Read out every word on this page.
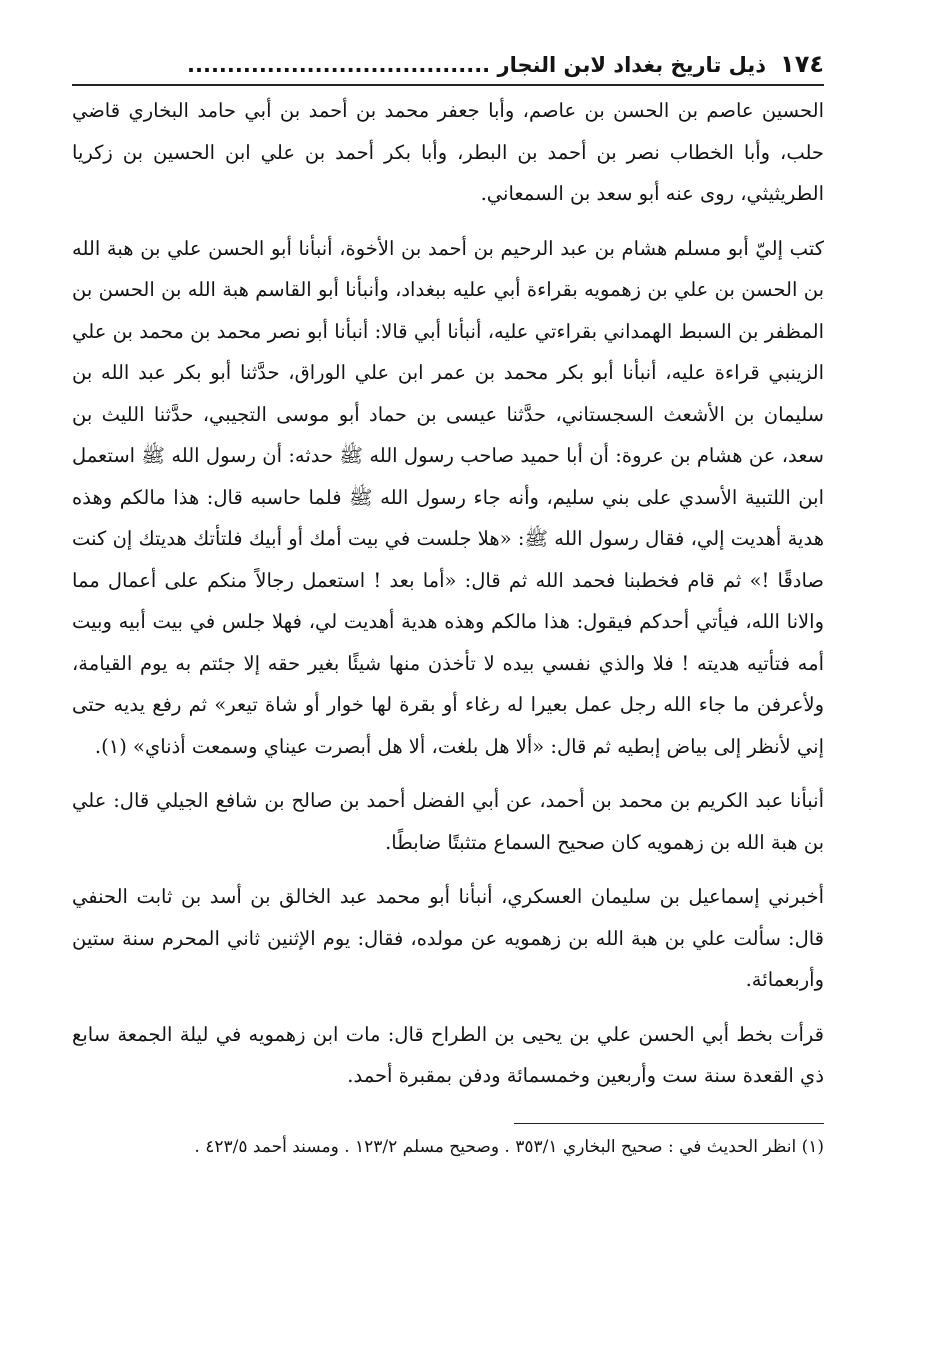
١٧٤
ذيل تاريخ بغداد لابن النجار ......................................

الحسين عاصم بن الحسن بن عاصم، وأبا جعفر محمد بن أحمد بن أبي حامد البخاري قاضي حلب، وأبا الخطاب نصر بن أحمد بن البطر، وأبا بكر أحمد بن علي ابن الحسين بن زكريا الطريثيثي، روى عنه أبو سعد بن السمعاني.

كتب إليّ أبو مسلم هشام بن عبد الرحيم بن أحمد بن الأخوة، أنبأنا أبو الحسن علي بن هبة الله بن الحسن بن علي بن زهمويه بقراءة أبي عليه ببغداد، وأنبأنا أبو القاسم هبة الله بن الحسن بن المظفر بن السبط الهمداني بقراءتي عليه، أنبأنا أبي قالا: أنبأنا أبو نصر محمد بن محمد بن علي الزينبي قراءة عليه، أنبأنا أبو بكر محمد بن عمر ابن علي الوراق، حدَّثنا أبو بكر عبد الله بن سليمان بن الأشعث السجستاني، حدَّثنا عيسى بن حماد أبو موسى التجيبي، حدَّثنا الليث بن سعد، عن هشام بن عروة: أن أبا حميد صاحب رسول الله ﷺ حدثه: أن رسول الله ﷺ استعمل ابن اللتبية الأسدي على بني سليم، وأنه جاء رسول الله ﷺ فلما حاسبه قال: هذا مالكم وهذه هدية أهديت إلي، فقال رسول الله ﷺ: «هلا جلست في بيت أمك أو أبيك فلتأتك هديتك إن كنت صادقًا !» ثم قام فخطبنا فحمد الله ثم قال: «أما بعد ! استعمل رجالاً منكم على أعمال مما والانا الله، فيأتي أحدكم فيقول: هذا مالكم وهذه هدية أهديت لي، فهلا جلس في بيت أبيه وبيت أمه فتأتيه هديته ! فلا والذي نفسي بيده لا تأخذن منها شيئًا بغير حقه إلا جئتم به يوم القيامة، ولأعرفن ما جاء الله رجل عمل بعيرا له رغاء أو بقرة لها خوار أو شاة تيعر» ثم رفع يديه حتى إني لأنظر إلى بياض إبطيه ثم قال: «ألا هل بلغت، ألا هل أبصرت عيناي وسمعت أذناي» (١).

أنبأنا عبد الكريم بن محمد بن أحمد، عن أبي الفضل أحمد بن صالح بن شافع الجيلي قال: علي بن هبة الله بن زهمويه كان صحيح السماع متثبتًا ضابطًا.

أخبرني إسماعيل بن سليمان العسكري، أنبأنا أبو محمد عبد الخالق بن أسد بن ثابت الحنفي قال: سألت علي بن هبة الله بن زهمويه عن مولده، فقال: يوم الإثنين ثاني المحرم سنة ستين وأربعمائة.

قرأت بخط أبي الحسن علي بن يحيى بن الطراح قال: مات ابن زهمويه في ليلة الجمعة سابع ذي القعدة سنة ست وأربعين وخمسمائة ودفن بمقبرة أحمد.

(١) انظر الحديث في : صحيح البخاري ٣٥٣/١ . وصحيح مسلم ١٢٣/٢ . ومسند أحمد ٤٢٣/٥ .
